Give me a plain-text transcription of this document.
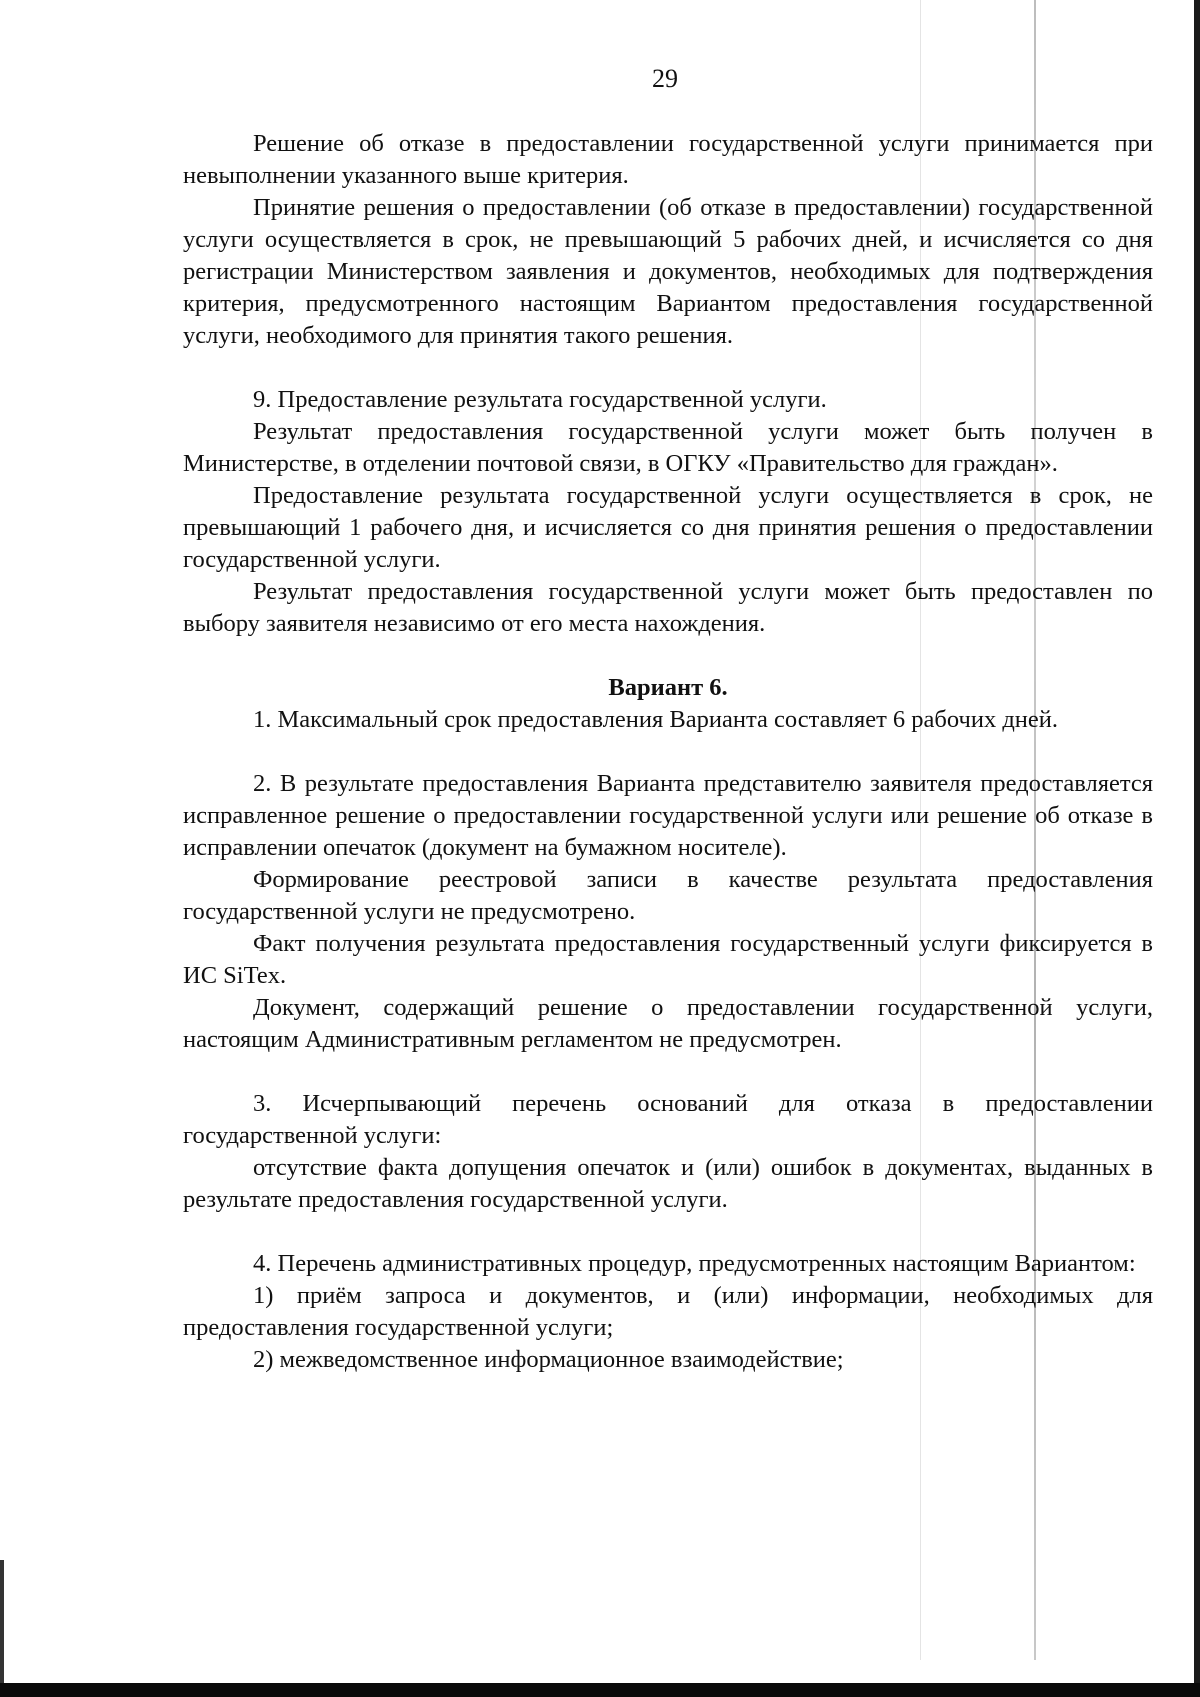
29

Решение об отказе в предоставлении государственной услуги принимается при невыполнении указанного выше критерия.

Принятие решения о предоставлении (об отказе в предоставлении) государственной услуги осуществляется в срок, не превышающий 5 рабочих дней, и исчисляется со дня регистрации Министерством заявления и документов, необходимых для подтверждения критерия, предусмотренного настоящим Вариантом предоставления государственной услуги, необходимого для принятия такого решения.

9. Предоставление результата государственной услуги.

Результат предоставления государственной услуги может быть получен в Министерстве, в отделении почтовой связи, в ОГКУ «Правительство для граждан».

Предоставление результата государственной услуги осуществляется в срок, не превышающий 1 рабочего дня, и исчисляется со дня принятия решения о предоставлении государственной услуги.

Результат предоставления государственной услуги может быть предоставлен по выбору заявителя независимо от его места нахождения.

Вариант 6.

1. Максимальный срок предоставления Варианта составляет 6 рабочих дней.

2. В результате предоставления Варианта представителю заявителя предоставляется исправленное решение о предоставлении государственной услуги или решение об отказе в исправлении опечаток (документ на бумажном носителе).

Формирование реестровой записи в качестве результата предоставления государственной услуги не предусмотрено.

Факт получения результата предоставления государственный услуги фиксируется в ИС SiTex.

Документ, содержащий решение о предоставлении государственной услуги, настоящим Административным регламентом не предусмотрен.

3. Исчерпывающий перечень оснований для отказа в предоставлении государственной услуги:

отсутствие факта допущения опечаток и (или) ошибок в документах, выданных в результате предоставления государственной услуги.

4. Перечень административных процедур, предусмотренных настоящим Вариантом:

1) приём запроса и документов, и (или) информации, необходимых для предоставления государственной услуги;

2) межведомственное информационное взаимодействие;
